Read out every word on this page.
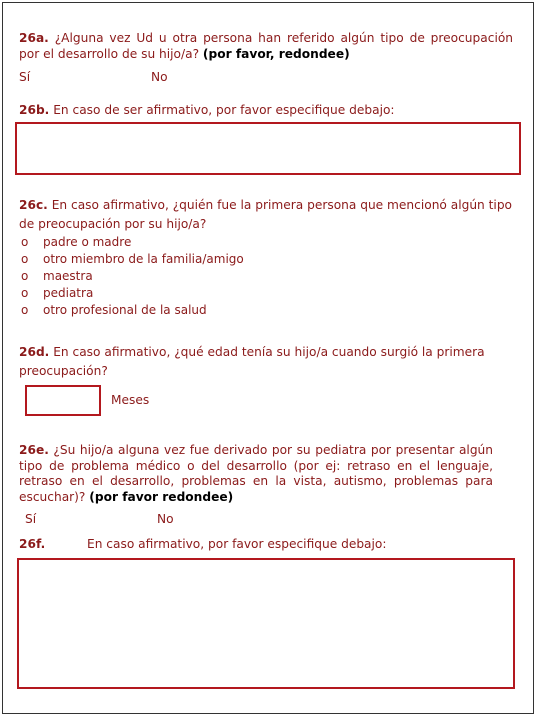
26a. ¿Alguna vez Ud u otra persona han referido algún tipo de preocupación por el desarrollo de su hijo/a? (por favor, redondee)
Sí	No
26b. En caso de ser afirmativo, por favor especifique debajo:
26c. En caso afirmativo, ¿quién fue la primera persona que mencionó algún tipo de preocupación por su hijo/a?
o padre o madre
o otro miembro de la familia/amigo
o maestra
o pediatra
o otro profesional de la salud
26d. En caso afirmativo, ¿qué edad tenía su hijo/a cuando surgió la primera preocupación?
Meses
26e. ¿Su hijo/a alguna vez fue derivado por su pediatra por presentar algún tipo de problema médico o del desarrollo (por ej: retraso en el lenguaje, retraso en el desarrollo, problemas en la vista, autismo, problemas para escuchar)? (por favor redondee)
Sí	No
26f.	En caso afirmativo, por favor especifique debajo:
